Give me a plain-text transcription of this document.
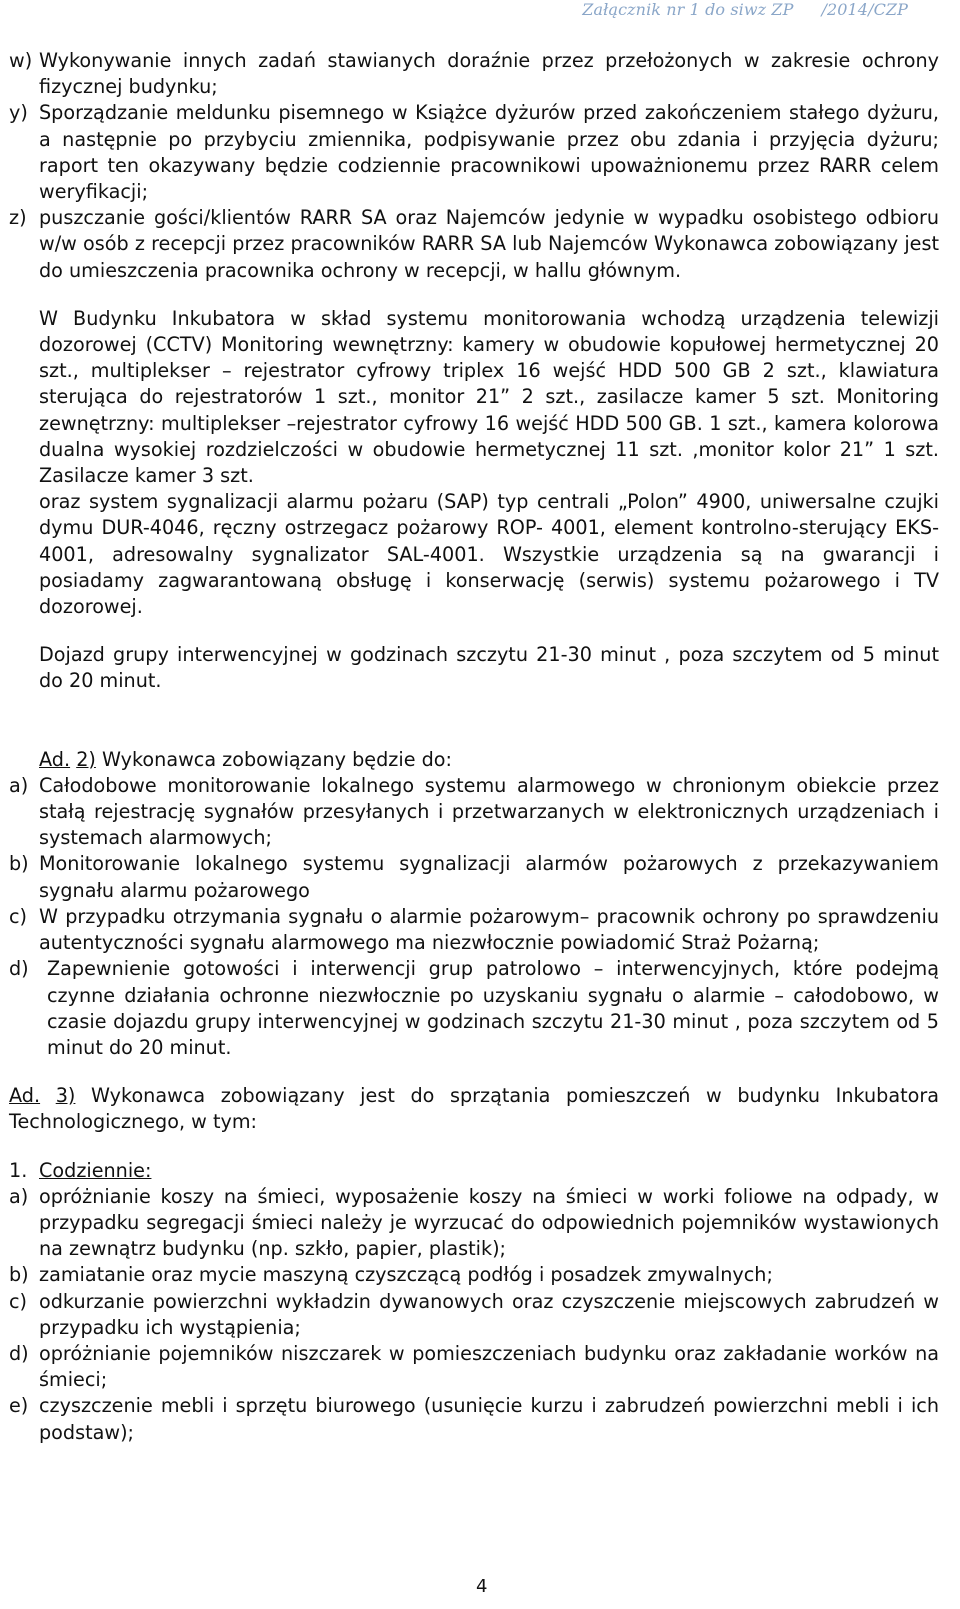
Załącznik nr 1 do siwz ZP /2014/CZP
w) Wykonywanie innych zadań stawianych doraźnie przez przełożonych w zakresie ochrony fizycznej budynku;
y) Sporządzanie meldunku pisemnego w Książce dyżurów przed zakończeniem stałego dyżuru, a następnie po przybyciu zmiennika, podpisywanie przez obu zdania i przyjęcia dyżuru; raport ten okazywany będzie codziennie pracownikowi upoważnionemu przez RARR celem weryfikacji;
z) puszczanie gości/klientów RARR SA oraz Najemców jedynie w wypadku osobistego odbioru w/w osób z recepcji przez pracowników RARR SA lub Najemców Wykonawca zobowiązany jest do umieszczenia pracownika ochrony w recepcji, w hallu głównym.
W Budynku Inkubatora w skład systemu monitorowania wchodzą urządzenia telewizji dozorowej (CCTV) Monitoring wewnętrzny: kamery w obudowie kopułowej hermetycznej 20 szt., multiplekser – rejestrator cyfrowy triplex 16 wejść HDD 500 GB 2 szt., klawiatura sterująca do rejestratorów 1 szt., monitor 21” 2 szt., zasilacze kamer 5 szt. Monitoring zewnętrzny: multiplekser –rejestrator cyfrowy 16 wejść HDD 500 GB. 1 szt., kamera kolorowa dualna wysokiej rozdzielczości w obudowie hermetycznej 11 szt. ,monitor kolor 21” 1 szt. Zasilacze kamer 3 szt.
oraz system sygnalizacji alarmu pożaru (SAP) typ centrali „Polon” 4900, uniwersalne czujki dymu DUR-4046, ręczny ostrzegacz pożarowy ROP- 4001, element kontrolno-sterujący EKS- 4001, adresowalny sygnalizator SAL-4001. Wszystkie urządzenia są na gwarancji i posiadamy zagwarantowaną obsługę i konserwację (serwis) systemu pożarowego i TV dozorowej.
Dojazd grupy interwencyjnej w godzinach szczytu 21-30 minut , poza szczytem od 5 minut do 20 minut.
Ad. 2) Wykonawca zobowiązany będzie do:
a) Całodobowe monitorowanie lokalnego systemu alarmowego w chronionym obiekcie przez stałą rejestrację sygnałów przesyłanych i przetwarzanych w elektronicznych urządzeniach i systemach alarmowych;
b) Monitorowanie lokalnego systemu sygnalizacji alarmów pożarowych z przekazywaniem sygnału alarmu pożarowego
c) W przypadku otrzymania sygnału o alarmie pożarowym– pracownik ochrony po sprawdzeniu autentyczności sygnału alarmowego ma niezwłocznie powiadomić Straż Pożarną;
d) Zapewnienie gotowości i interwencji grup patrolowo – interwencyjnych, które podejmą czynne działania ochronne niezwłocznie po uzyskaniu sygnału o alarmie – całodobowo, w czasie dojazdu grupy interwencyjnej w godzinach szczytu 21-30 minut , poza szczytem od 5 minut do 20 minut.
Ad. 3) Wykonawca zobowiązany jest do sprzątania pomieszczeń w budynku Inkubatora Technologicznego, w tym:
1. Codziennie:
a) opróżnianie koszy na śmieci, wyposażenie koszy na śmieci w worki foliowe na odpady, w przypadku segregacji śmieci należy je wyrzucać do odpowiednich pojemników wystawionych na zewnątrz budynku (np. szkło, papier, plastik);
b) zamiatanie oraz mycie maszyną czyszczącą podłóg i posadzek zmywalnych;
c) odkurzanie powierzchni wykładzin dywanowych oraz czyszczenie miejscowych zabrudzeń w przypadku ich wystąpienia;
d) opróżnianie pojemników niszczarek w pomieszczeniach budynku oraz zakładanie worków na śmieci;
e) czyszczenie mebli i sprzętu biurowego (usunięcie kurzu i zabrudzeń powierzchni mebli i ich podstaw);
4
